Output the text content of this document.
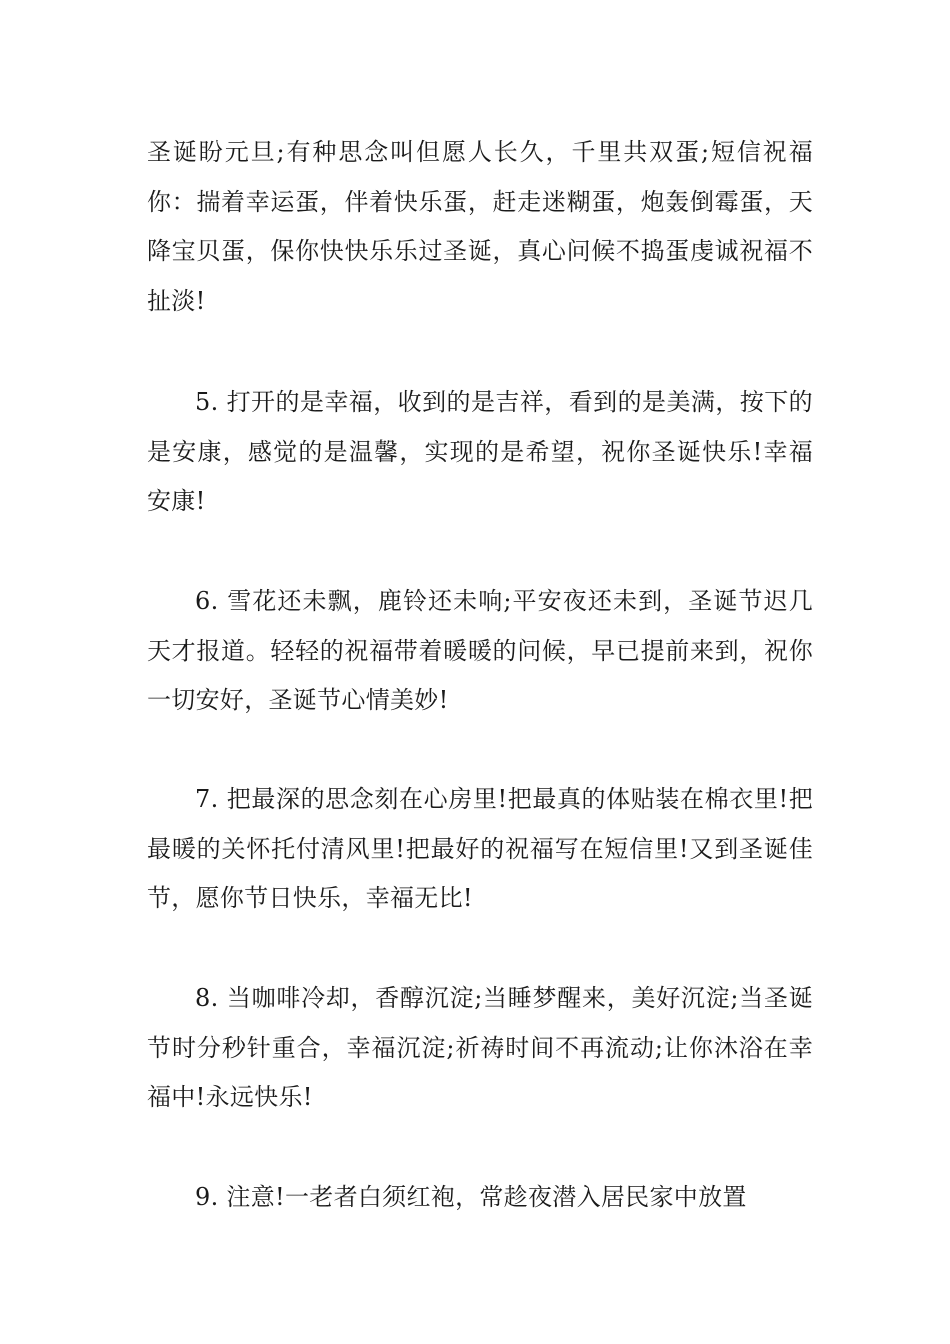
圣诞盼元旦;有种思念叫但愿人长久，千里共双蛋;短信祝福你：揣着幸运蛋，伴着快乐蛋，赶走迷糊蛋，炮轰倒霉蛋，天降宝贝蛋，保你快快乐乐过圣诞，真心问候不捣蛋虔诚祝福不扯淡!

5. 打开的是幸福，收到的是吉祥，看到的是美满，按下的是安康，感觉的是温馨，实现的是希望，祝你圣诞快乐!幸福安康!

6. 雪花还未飘，鹿铃还未响;平安夜还未到，圣诞节迟几天才报道。轻轻的祝福带着暖暖的问候，早已提前来到，祝你一切安好，圣诞节心情美妙!

7. 把最深的思念刻在心房里!把最真的体贴装在棉衣里!把最暖的关怀托付清风里!把最好的祝福写在短信里!又到圣诞佳节，愿你节日快乐，幸福无比!

8. 当咖啡冷却，香醇沉淀;当睡梦醒来，美好沉淀;当圣诞节时分秒针重合，幸福沉淀;祈祷时间不再流动;让你沐浴在幸福中!永远快乐!

9. 注意!一老者白须红袍，常趁夜潜入居民家中放置
